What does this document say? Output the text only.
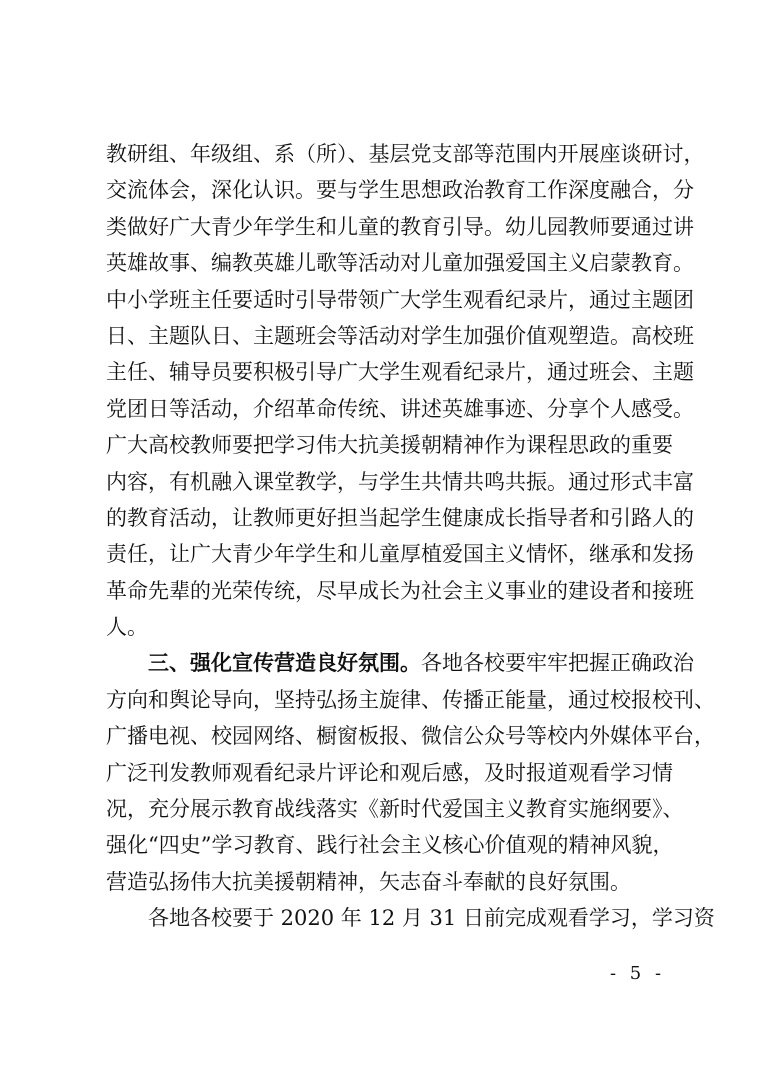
教研组、年级组、系（所）、基层党支部等范围内开展座谈研讨，
交流体会，深化认识。要与学生思想政治教育工作深度融合，分
类做好广大青少年学生和儿童的教育引导。幼儿园教师要通过讲
英雄故事、编教英雄儿歌等活动对儿童加强爱国主义启蒙教育。
中小学班主任要适时引导带领广大学生观看纪录片，通过主题团
日、主题队日、主题班会等活动对学生加强价值观塑造。高校班
主任、辅导员要积极引导广大学生观看纪录片，通过班会、主题
党团日等活动，介绍革命传统、讲述英雄事迹、分享个人感受。
广大高校教师要把学习伟大抗美援朝精神作为课程思政的重要
内容，有机融入课堂教学，与学生共情共鸣共振。通过形式丰富
的教育活动，让教师更好担当起学生健康成长指导者和引路人的
责任，让广大青少年学生和儿童厚植爱国主义情怀，继承和发扬
革命先辈的光荣传统，尽早成长为社会主义事业的建设者和接班
人。
三、强化宣传营造良好氛围。各地各校要牢牢把握正确政治
方向和舆论导向，坚持弘扬主旋律、传播正能量，通过校报校刊、
广播电视、校园网络、橱窗板报、微信公众号等校内外媒体平台，
广泛刊发教师观看纪录片评论和观后感，及时报道观看学习情
况，充分展示教育战线落实《新时代爱国主义教育实施纲要》、
强化“四史”学习教育、践行社会主义核心价值观的精神风貌，
营造弘扬伟大抗美援朝精神，矢志奋斗奉献的良好氛围。
各地各校要于 2020 年 12 月 31 日前完成观看学习，学习资
- 5 -
